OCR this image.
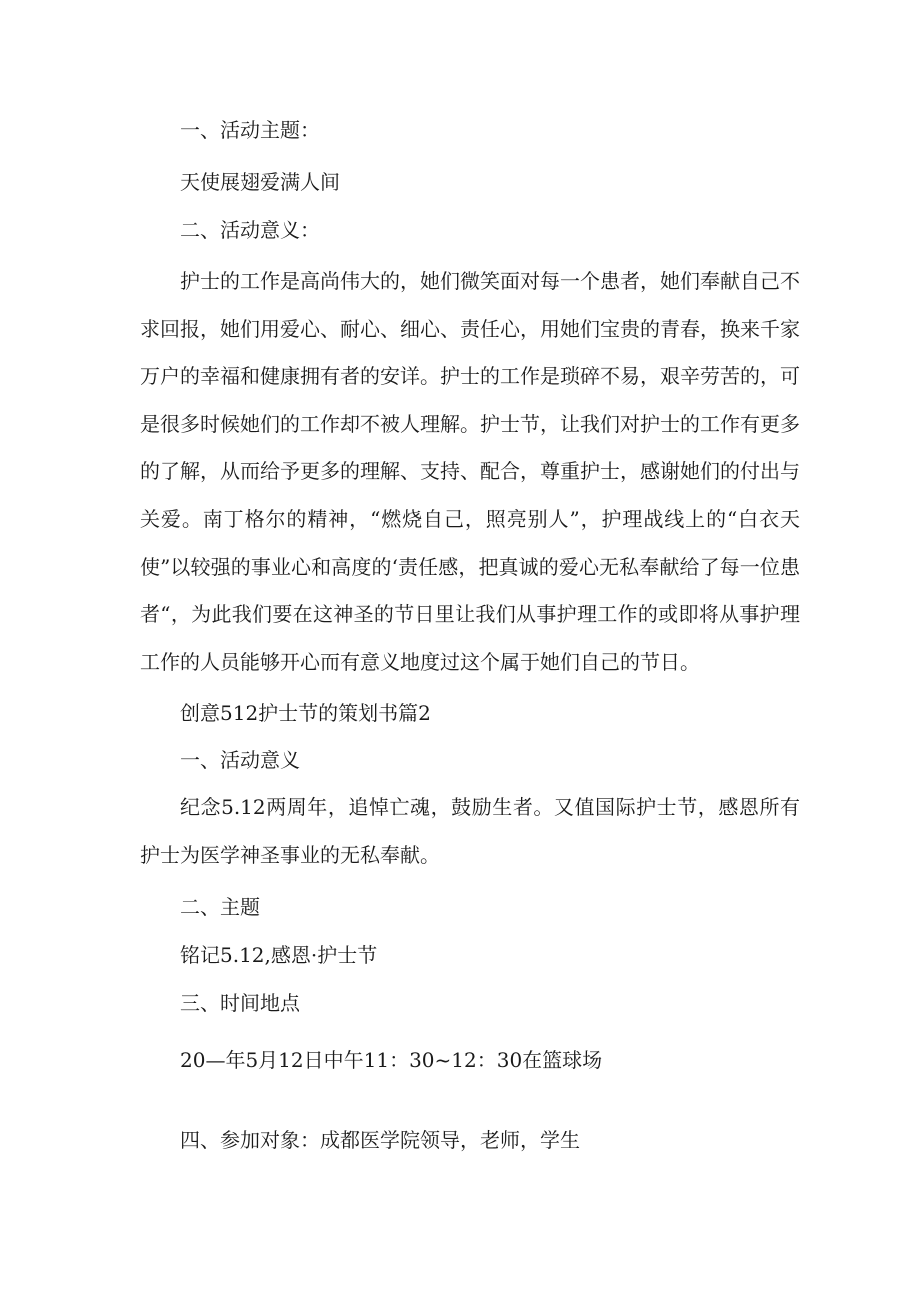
一、活动主题：
天使展翅爱满人间
二、活动意义：
护士的工作是高尚伟大的，她们微笑面对每一个患者，她们奉献自己不求回报，她们用爱心、耐心、细心、责任心，用她们宝贵的青春，换来千家万户的幸福和健康拥有者的安详。护士的工作是琐碎不易，艰辛劳苦的，可是很多时候她们的工作却不被人理解。护士节，让我们对护士的工作有更多的了解，从而给予更多的理解、支持、配合，尊重护士，感谢她们的付出与关爱。南丁格尔的精神，“燃烧自己，照亮别人”，护理战线上的“白衣天使”以较强的事业心和高度的‘责任感，把真诚的爱心无私奉献给了每一位患者“，为此我们要在这神圣的节日里让我们从事护理工作的或即将从事护理工作的人员能够开心而有意义地度过这个属于她们自己的节日。
创意512护士节的策划书篇2
一、活动意义
纪念5.12两周年，追悼亡魂，鼓励生者。又值国际护士节，感恩所有护士为医学神圣事业的无私奉献。
二、主题
铭记5.12,感恩·护士节
三、时间地点
20—年5月12日中午11：30~12：30在篮球场
四、参加对象：成都医学院领导，老师，学生
